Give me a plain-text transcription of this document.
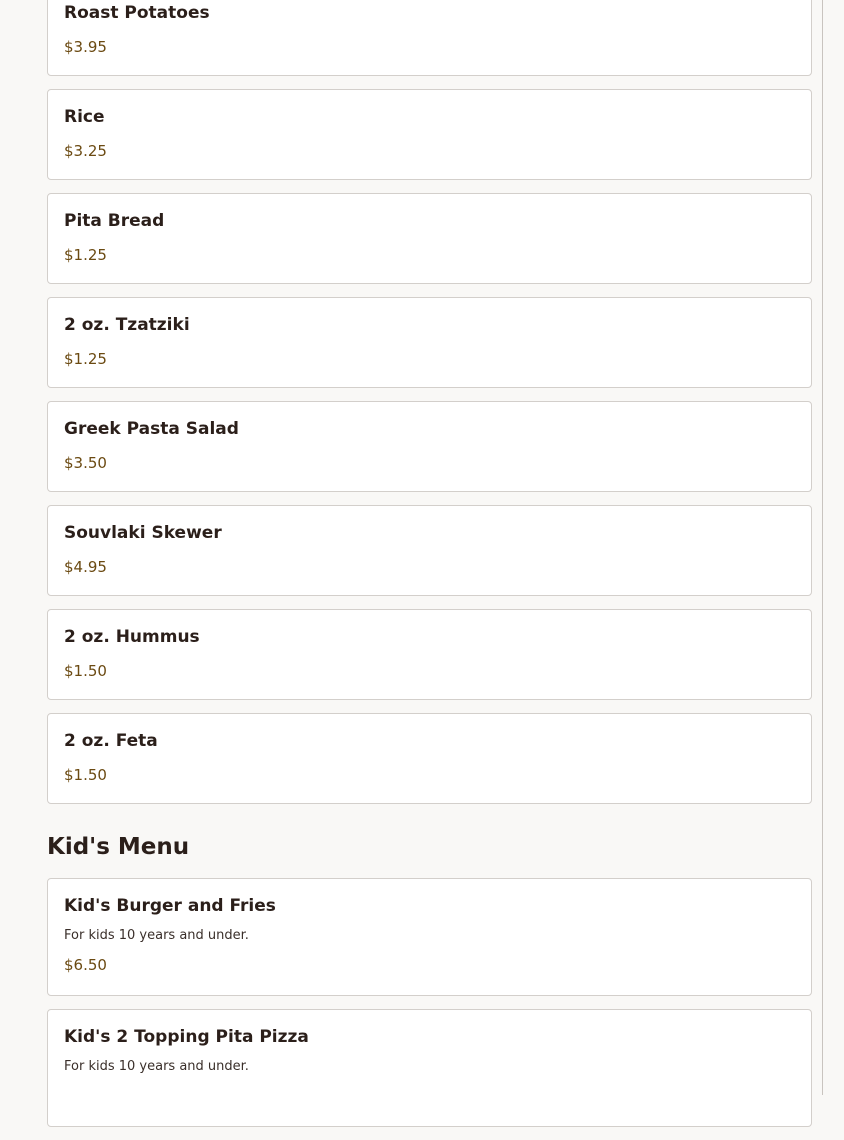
Roast Potatoes
$3.95
Rice
$3.25
Pita Bread
$1.25
2 oz. Tzatziki
$1.25
Greek Pasta Salad
$3.50
Souvlaki Skewer
$4.95
2 oz. Hummus
$1.50
2 oz. Feta
$1.50
Kid's Menu
Kid's Burger and Fries
For kids 10 years and under.
$6.50
Kid's 2 Topping Pita Pizza
For kids 10 years and under.
